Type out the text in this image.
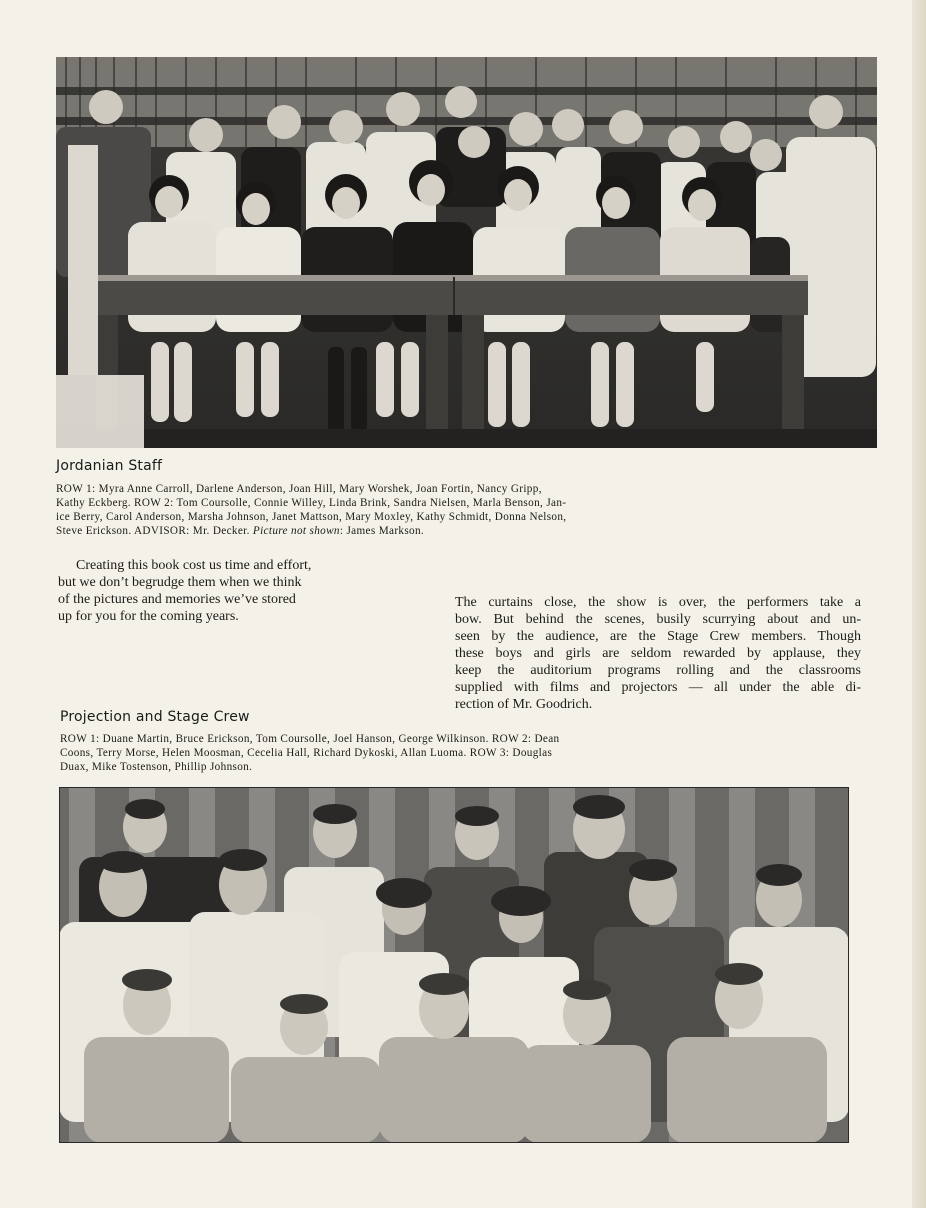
Jordanian Staff
ROW 1: Myra Anne Carroll, Darlene Anderson, Joan Hill, Mary Worshek, Joan Fortin, Nancy Gripp,
Kathy Eckberg. ROW 2: Tom Coursolle, Connie Willey, Linda Brink, Sandra Nielsen, Marla Benson, Jan-
ice Berry, Carol Anderson, Marsha Johnson, Janet Mattson, Mary Moxley, Kathy Schmidt, Donna Nelson,
Steve Erickson. ADVISOR: Mr. Decker. Picture not shown: James Markson.
Creating this book cost us time and effort,
but we don’t begrudge them when we think
of the pictures and memories we’ve stored
up for you for the coming years.
The curtains close, the show is over, the performers take a
bow. But behind the scenes, busily scurrying about and un-
seen by the audience, are the Stage Crew members. Though
these boys and girls are seldom rewarded by applause, they
keep the auditorium programs rolling and the classrooms
supplied with films and projectors — all under the able di-
rection of Mr. Goodrich.
Projection and Stage Crew
ROW 1: Duane Martin, Bruce Erickson, Tom Coursolle, Joel Hanson, George Wilkinson. ROW 2: Dean
Coons, Terry Morse, Helen Moosman, Cecelia Hall, Richard Dykoski, Allan Luoma. ROW 3: Douglas
Duax, Mike Tostenson, Phillip Johnson.
